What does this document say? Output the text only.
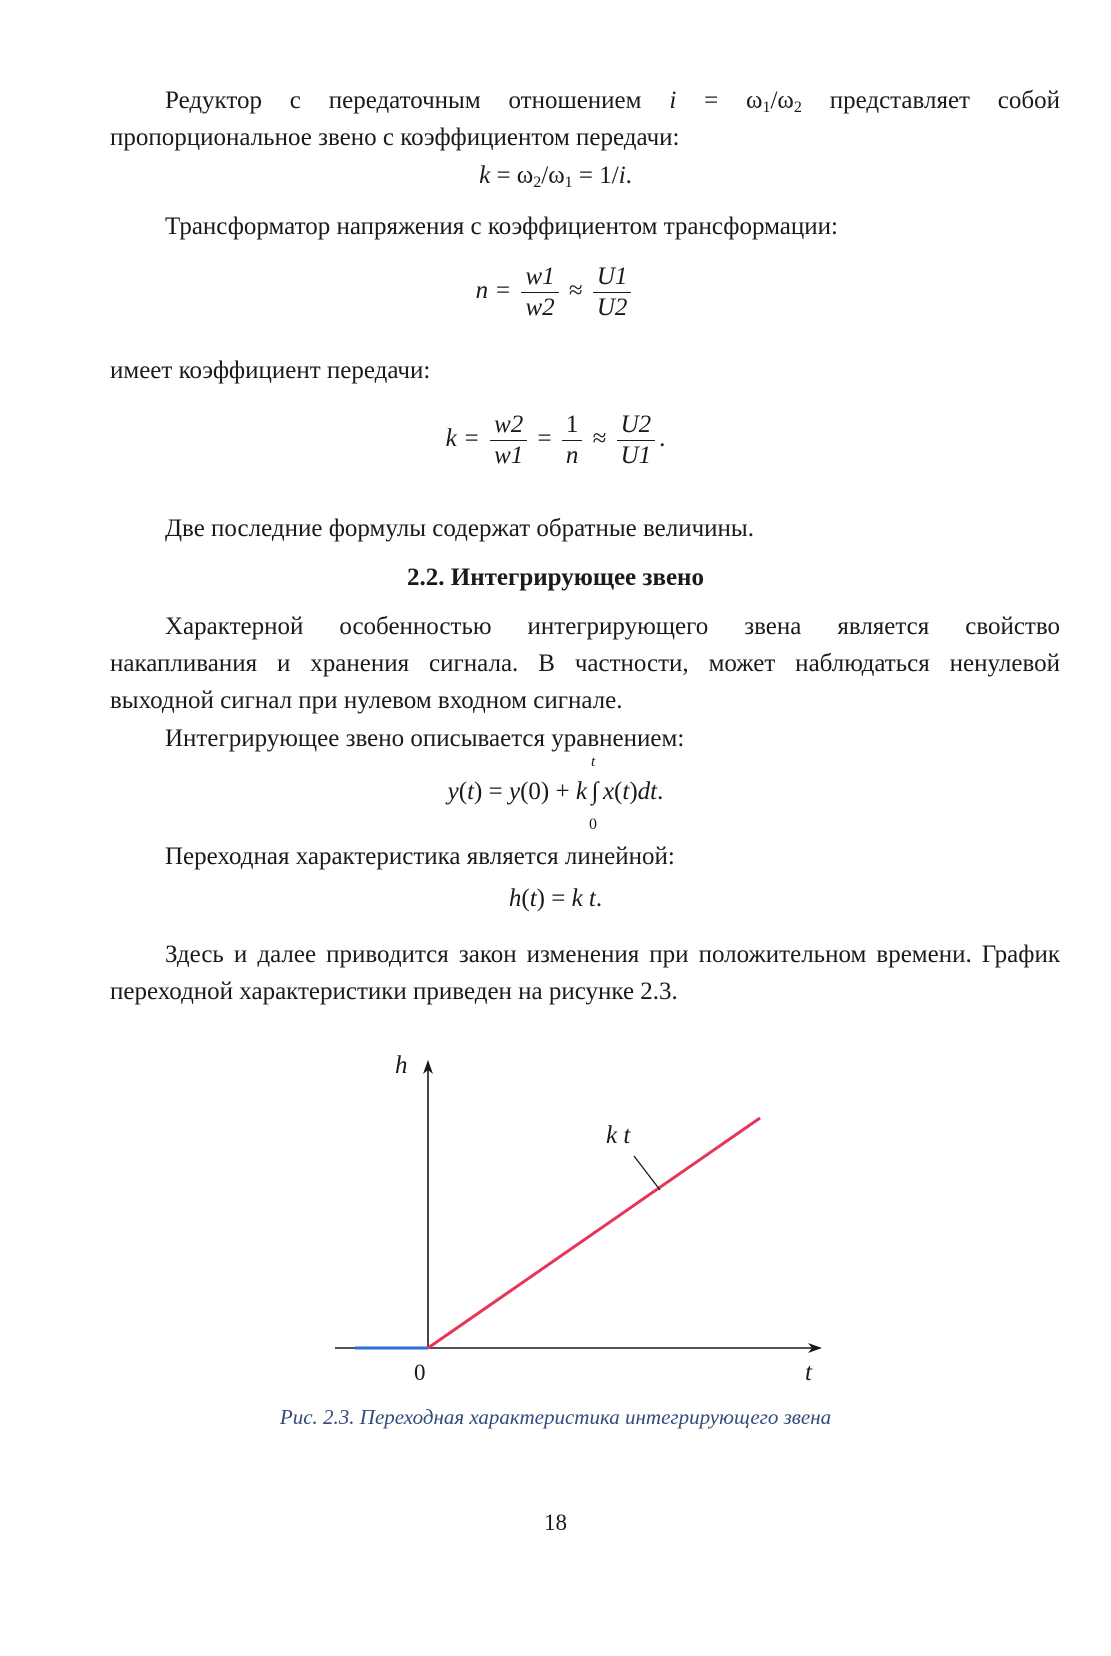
Редуктор с передаточным отношением $i = \omega_1/\omega_2$ представляет собой пропорциональное звено с коэффициентом передачи:
$k = \omega_2/\omega_1 = 1/i$.
Трансформатор напряжения с коэффициентом трансформации:
$n = \frac{w1}{w2} \approx \frac{U1}{U2}$
имеет коэффициент передачи:
$k = \frac{w2}{w1} = \frac{1}{n} \approx \frac{U2}{U1}$ .
Две последние формулы содержат обратные величины.
2.2. Интегрирующее звено
Характерной особенностью интегрирующего звена является свойство накапливания и хранения сигнала. В частности, может наблюдаться ненулевой выходной сигнал при нулевом входном сигнале.
Интегрирующее звено описывается уравнением:
y(t) = y(0) + k
t
∫
0
x(t)dt.
Переходная характеристика является линейной:
h(t) = k t.
Здесь и далее приводится закон изменения при положительном времени. График переходной характеристики приведен на рисунке 2.3.
h
t
0
k t
Рис. 2.3. Переходная характеристика интегрирующего звена
18
